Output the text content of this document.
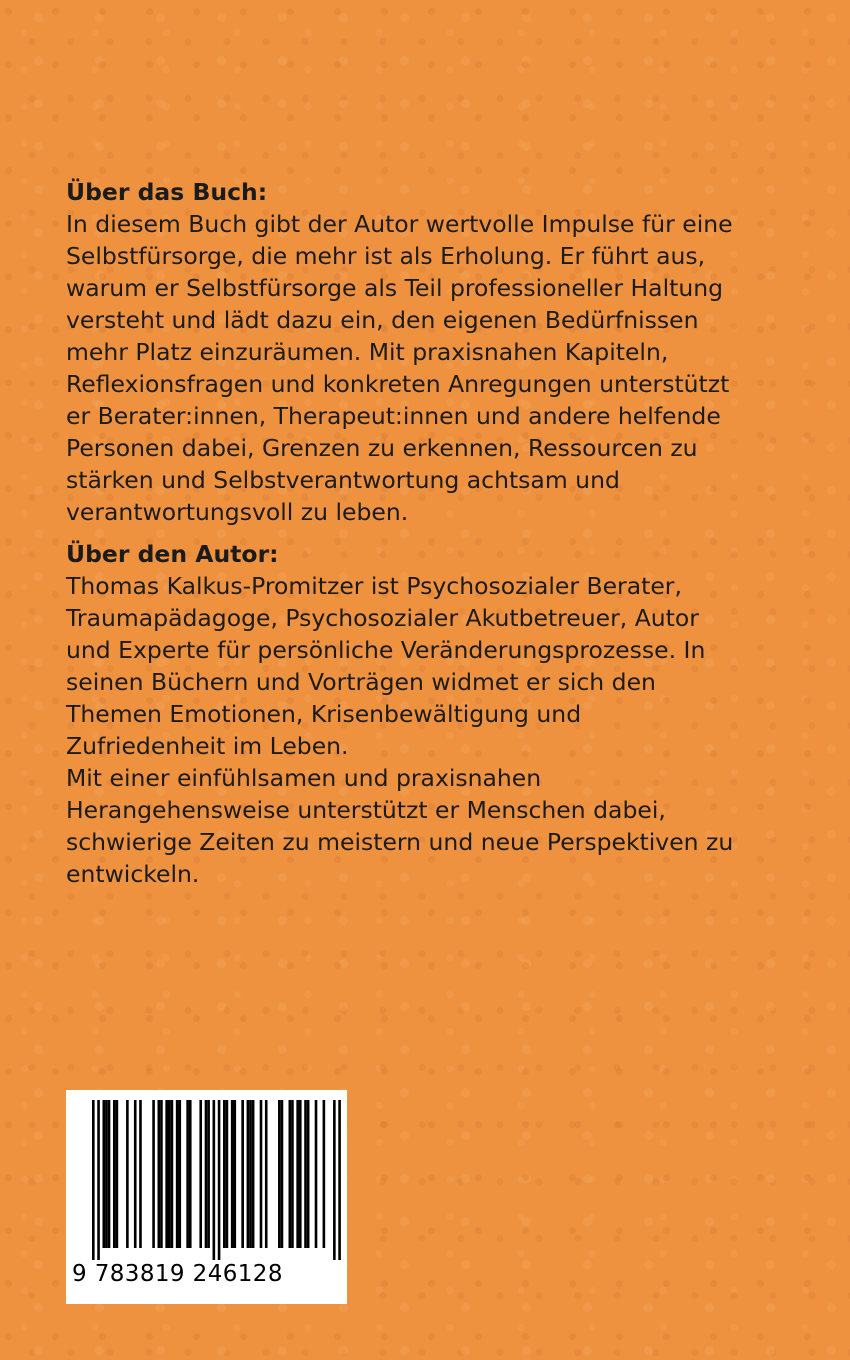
Über das Buch:

In diesem Buch gibt der Autor wertvolle Impulse für eine

Selbstfürsorge, die mehr ist als Erholung. Er führt aus,

warum er Selbstfürsorge als Teil professioneller Haltung

versteht und lädt dazu ein, den eigenen Bedürfnissen

mehr Platz einzuräumen. Mit praxisnahen Kapiteln,

Reflexionsfragen und konkreten Anregungen unterstützt

er Berater:innen, Therapeut:innen und andere helfende

Personen dabei, Grenzen zu erkennen, Ressourcen zu

stärken und Selbstverantwortung achtsam und

verantwortungsvoll zu leben.

Über den Autor:

Thomas Kalkus-Promitzer ist Psychosozialer Berater,

Traumapädagoge, Psychosozialer Akutbetreuer, Autor

und Experte für persönliche Veränderungsprozesse. In

seinen Büchern und Vorträgen widmet er sich den

Themen Emotionen, Krisenbewältigung und

Zufriedenheit im Leben.

Mit einer einfühlsamen und praxisnahen

Herangehensweise unterstützt er Menschen dabei,

schwierige Zeiten zu meistern und neue Perspektiven zu

entwickeln.

9 783819 246128
